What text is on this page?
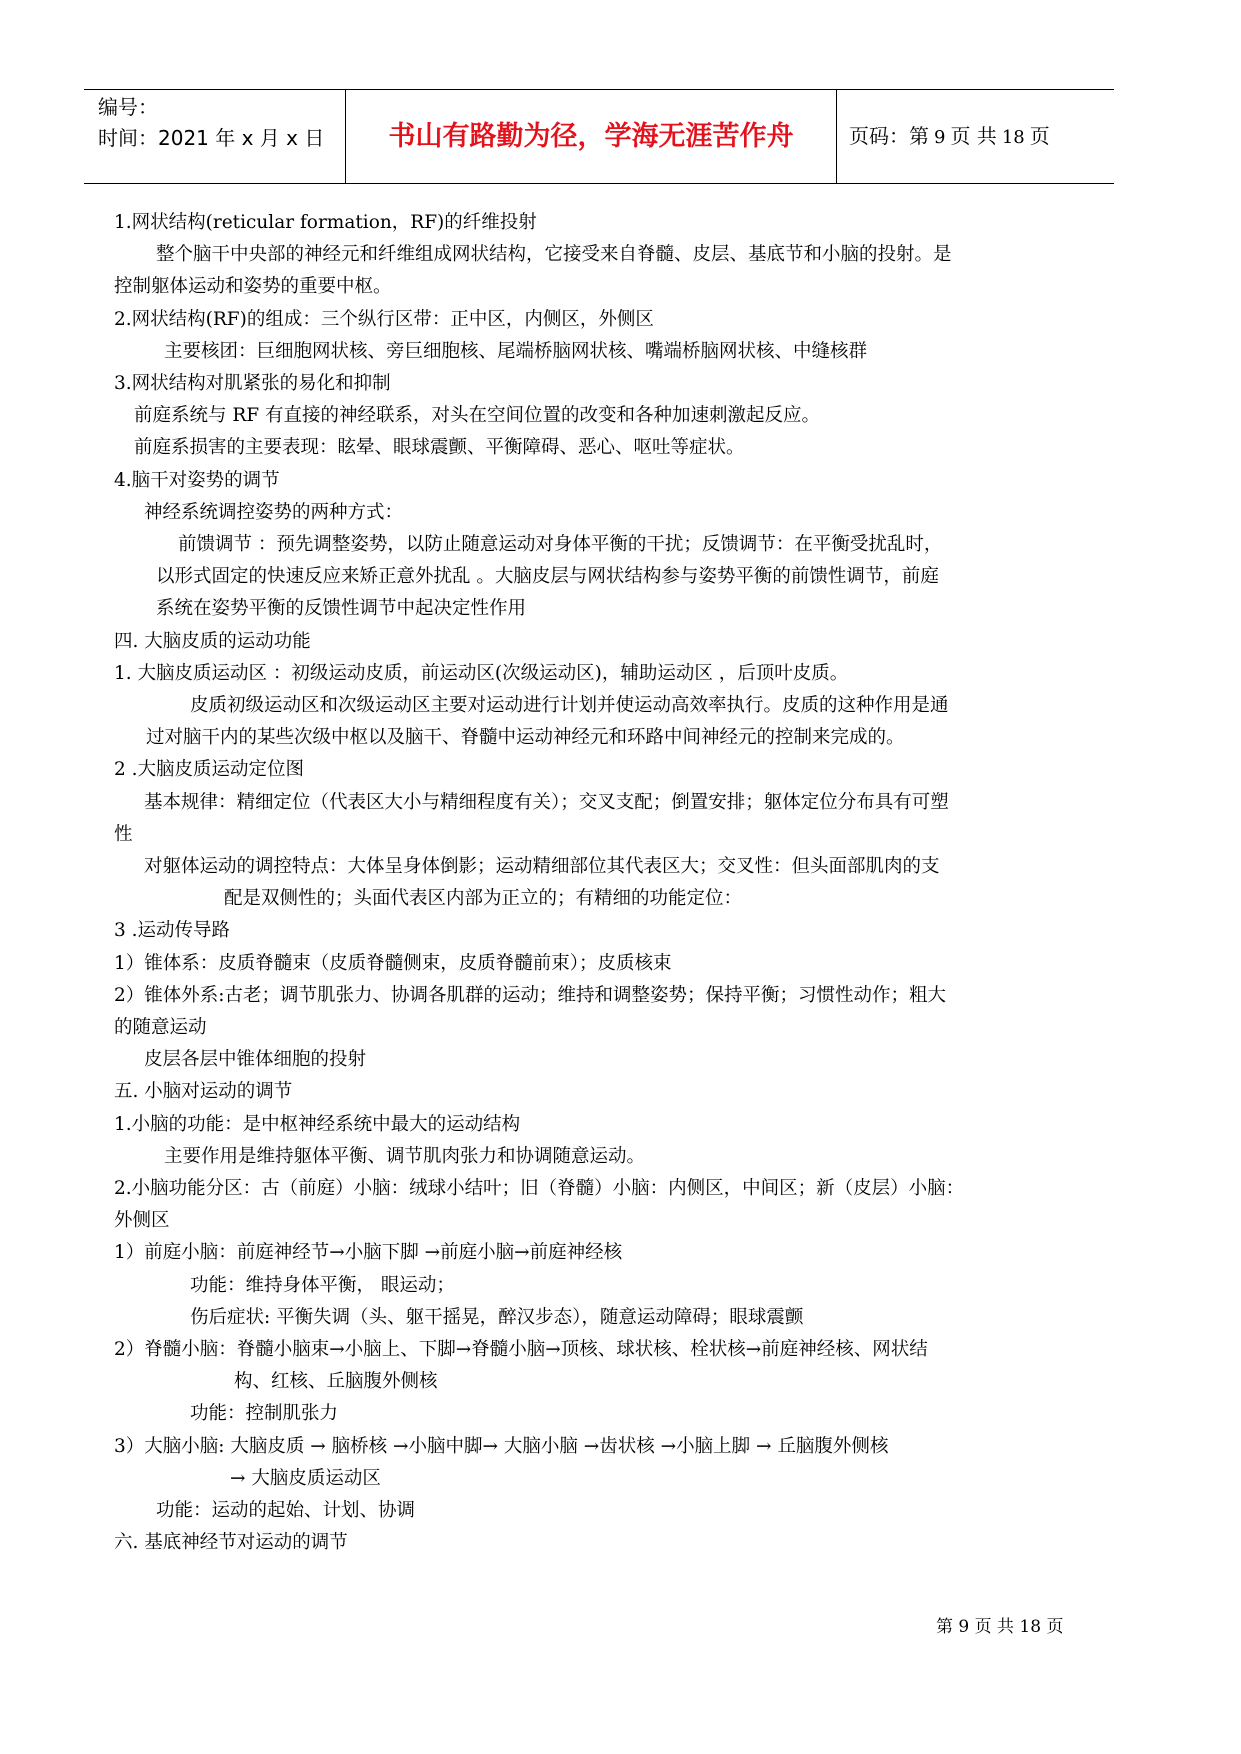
编号：
时间：2021 年 x 月 x 日	书山有路勤为径，学海无涯苦作舟	页码：第 9 页 共 18 页
1.网状结构(reticular formation，RF)的纤维投射
整个脑干中央部的神经元和纤维组成网状结构，它接受来自脊髓、皮层、基底节和小脑的投射。是
控制躯体运动和姿势的重要中枢。
2.网状结构(RF)的组成：三个纵行区带：正中区，内侧区，外侧区
主要核团：巨细胞网状核、旁巨细胞核、尾端桥脑网状核、嘴端桥脑网状核、中缝核群
3.网状结构对肌紧张的易化和抑制
前庭系统与 RF 有直接的神经联系，对头在空间位置的改变和各种加速刺激起反应。
前庭系损害的主要表现：眩晕、眼球震颤、平衡障碍、恶心、呕吐等症状。
4.脑干对姿势的调节
神经系统调控姿势的两种方式：
前馈调节 ：预先调整姿势，以防止随意运动对身体平衡的干扰；反馈调节：在平衡受扰乱时，
以形式固定的快速反应来矫正意外扰乱 。大脑皮层与网状结构参与姿势平衡的前馈性调节，前庭
系统在姿势平衡的反馈性调节中起决定性作用
四. 大脑皮质的运动功能
1. 大脑皮质运动区 ：初级运动皮质，前运动区(次级运动区)，辅助运动区 ，后顶叶皮质。
皮质初级运动区和次级运动区主要对运动进行计划并使运动高效率执行。皮质的这种作用是通
过对脑干内的某些次级中枢以及脑干、脊髓中运动神经元和环路中间神经元的控制来完成的。
2 .大脑皮质运动定位图
基本规律：精细定位（代表区大小与精细程度有关）；交叉支配；倒置安排；躯体定位分布具有可塑
性
对躯体运动的调控特点：大体呈身体倒影；运动精细部位其代表区大；交叉性：但头面部肌肉的支
配是双侧性的；头面代表区内部为正立的；有精细的功能定位：
3 .运动传导路
1）锥体系：皮质脊髓束（皮质脊髓侧束，皮质脊髓前束）；皮质核束
2）锥体外系:古老；调节肌张力、协调各肌群的运动；维持和调整姿势；保持平衡；习惯性动作；粗大
的随意运动
皮层各层中锥体细胞的投射
五. 小脑对运动的调节
1.小脑的功能：是中枢神经系统中最大的运动结构
主要作用是维持躯体平衡、调节肌肉张力和协调随意运动。
2.小脑功能分区：古（前庭）小脑：绒球小结叶；旧（脊髓）小脑：内侧区，中间区；新（皮层）小脑：
外侧区
1）前庭小脑：前庭神经节→小脑下脚 →前庭小脑→前庭神经核
功能：维持身体平衡， 眼运动；
伤后症状: 平衡失调（头、躯干摇晃，醉汉步态），随意运动障碍；眼球震颤
2）脊髓小脑：脊髓小脑束→小脑上、下脚→脊髓小脑→顶核、球状核、栓状核→前庭神经核、网状结
构、红核、丘脑腹外侧核
功能：控制肌张力
3）大脑小脑: 大脑皮质 → 脑桥核 →小脑中脚→ 大脑小脑 →齿状核 →小脑上脚 → 丘脑腹外侧核
→ 大脑皮质运动区
功能：运动的起始、计划、协调
六. 基底神经节对运动的调节
第 9 页 共 18 页
